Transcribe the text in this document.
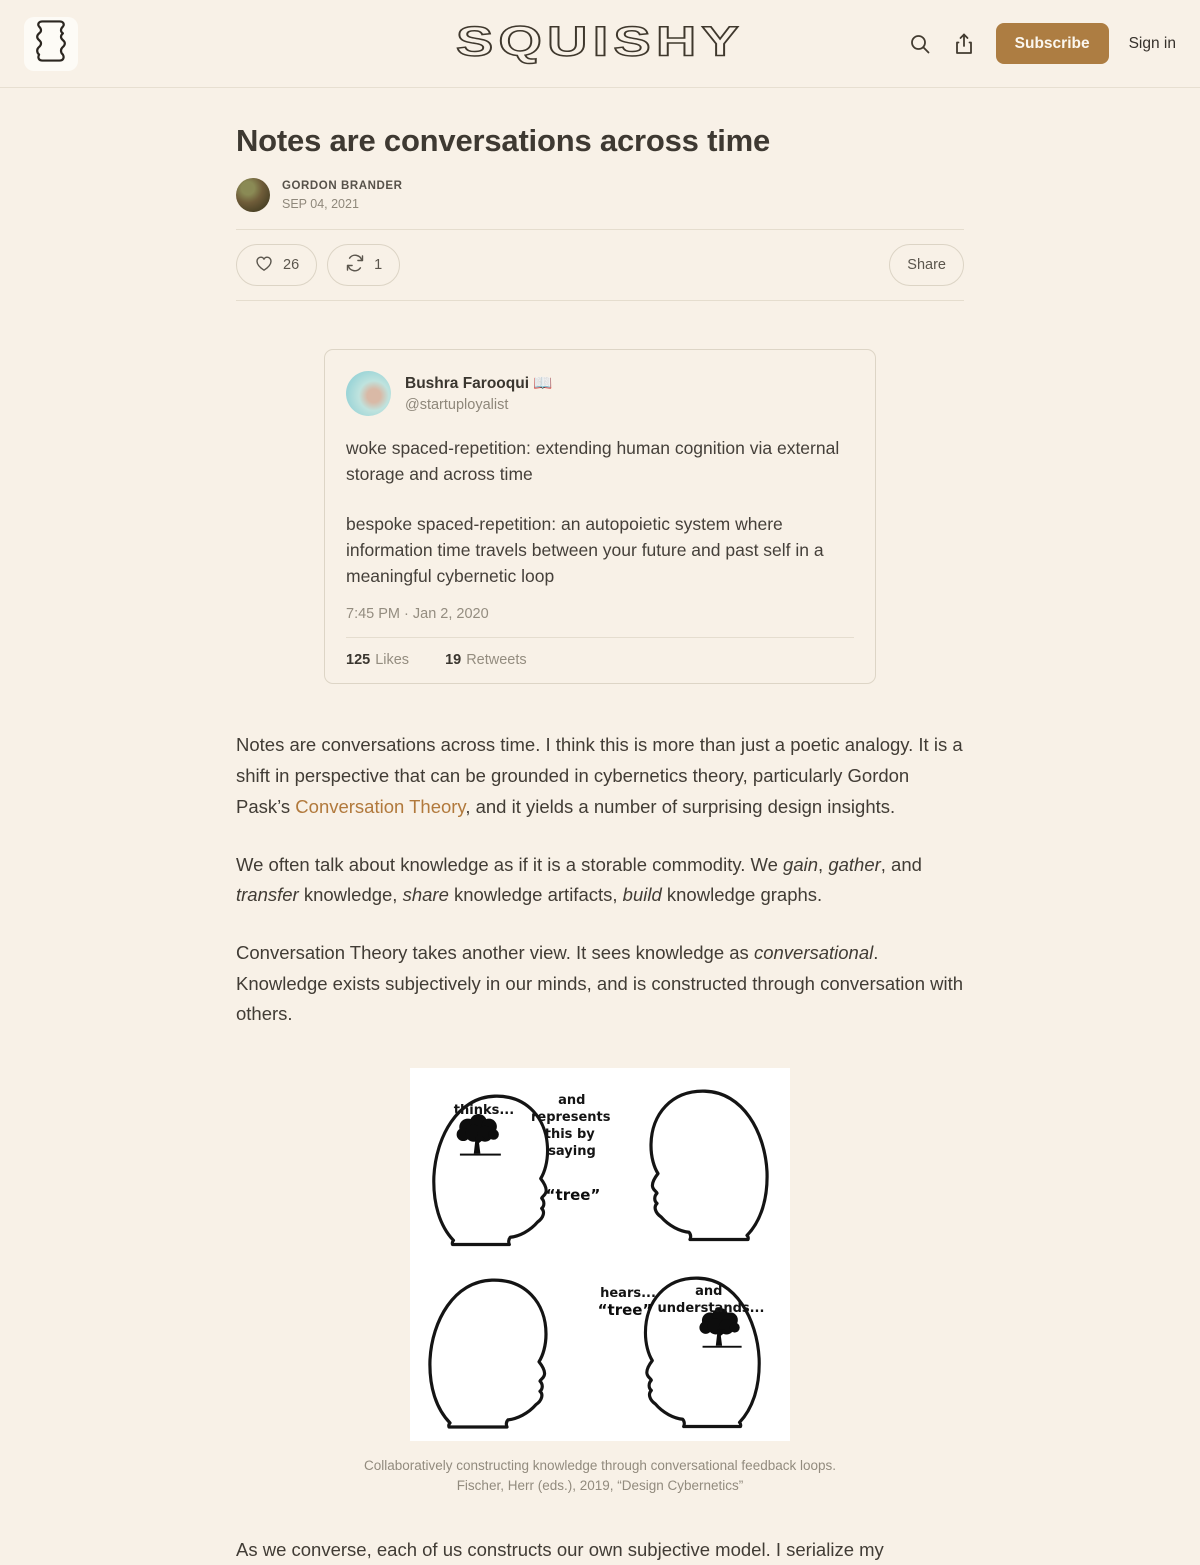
SQUISHY	Subscribe	Sign in
Notes are conversations across time
GORDON BRANDER
SEP 04, 2021
26	1	Share
Bushra Farooqui 📖
@startuployalist

woke spaced-repetition: extending human cognition via external storage and across time

bespoke spaced-repetition: an autopoietic system where information time travels between your future and past self in a meaningful cybernetic loop

7:45 PM · Jan 2, 2020
125 Likes 19 Retweets

Notes are conversations across time. I think this is more than just a poetic analogy. It is a shift in perspective that can be grounded in cybernetics theory, particularly Gordon Pask’s Conversation Theory, and it yields a number of surprising design insights.

We often talk about knowledge as if it is a storable commodity. We gain, gather, and transfer knowledge, share knowledge artifacts, build knowledge graphs.

Conversation Theory takes another view. It sees knowledge as conversational. Knowledge exists subjectively in our minds, and is constructed through conversation with others.

thinks...
and represents this by saying
“tree”
hears...
“tree”
and understands...
Collaboratively constructing knowledge through conversational feedback loops.
Fischer, Herr (eds.), 2019, “Design Cybernetics”

As we converse, each of us constructs our own subjective model. I serialize my
